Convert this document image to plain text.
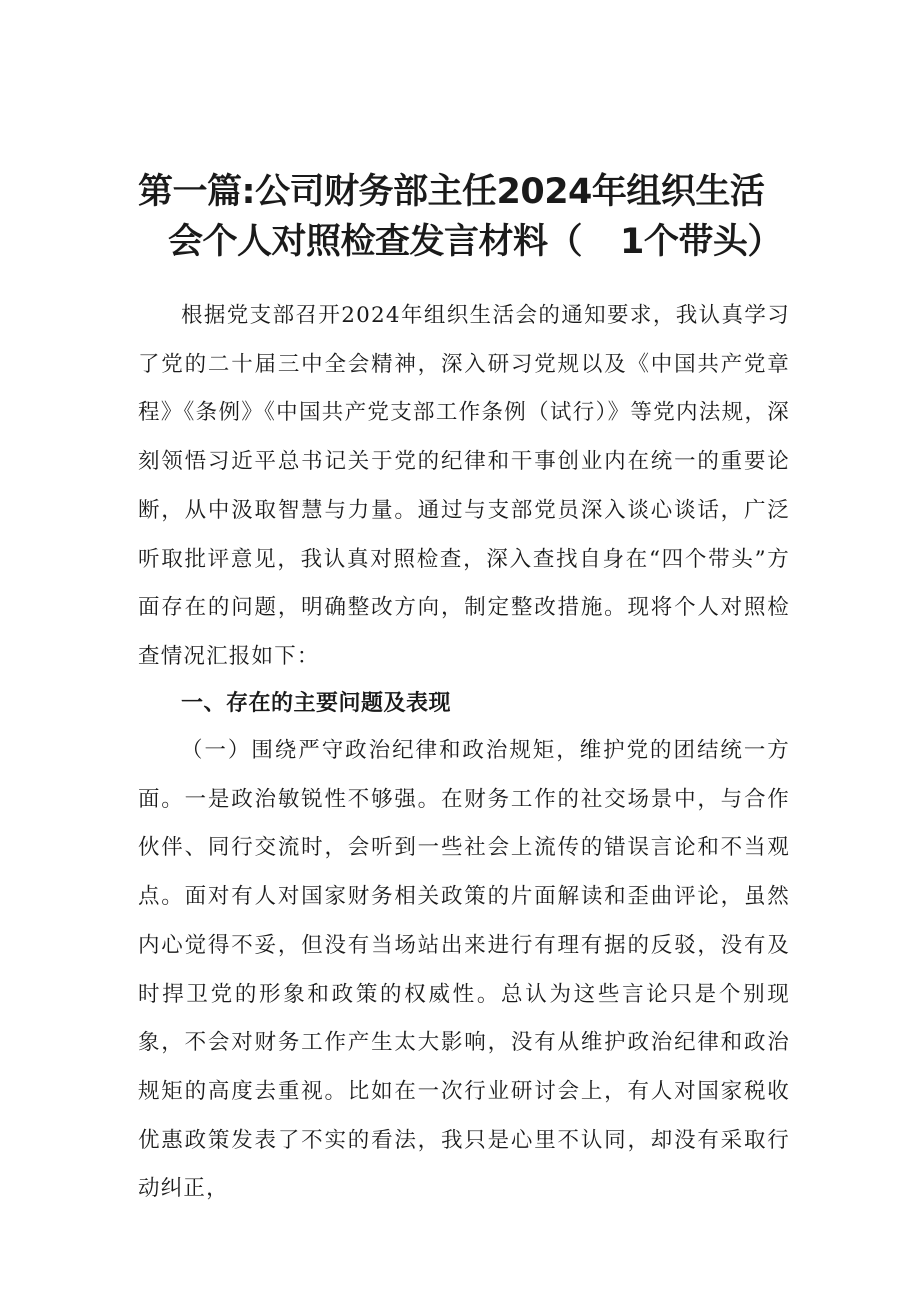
第一篇:公司财务部主任2024年组织生活
会个人对照检查发言材料（ 1个带头）

根据党支部召开2024年组织生活会的通知要求，我认真学习了党的二十届三中全会精神，深入研习党规以及《中国共产党章程》《条例》《中国共产党支部工作条例（试行）》等党内法规，深刻领悟习近平总书记关于党的纪律和干事创业内在统一的重要论断，从中汲取智慧与力量。通过与支部党员深入谈心谈话，广泛听取批评意见，我认真对照检查，深入查找自身在“四个带头”方面存在的问题，明确整改方向，制定整改措施。现将个人对照检查情况汇报如下：

一、存在的主要问题及表现

（一）围绕严守政治纪律和政治规矩，维护党的团结统一方面。一是政治敏锐性不够强。在财务工作的社交场景中，与合作伙伴、同行交流时，会听到一些社会上流传的错误言论和不当观点。面对有人对国家财务相关政策的片面解读和歪曲评论，虽然内心觉得不妥，但没有当场站出来进行有理有据的反驳，没有及时捍卫党的形象和政策的权威性。总认为这些言论只是个别现象，不会对财务工作产生太大影响，没有从维护政治纪律和政治规矩的高度去重视。比如在一次行业研讨会上，有人对国家税收优惠政策发表了不实的看法，我只是心里不认同，却没有采取行动纠正，
